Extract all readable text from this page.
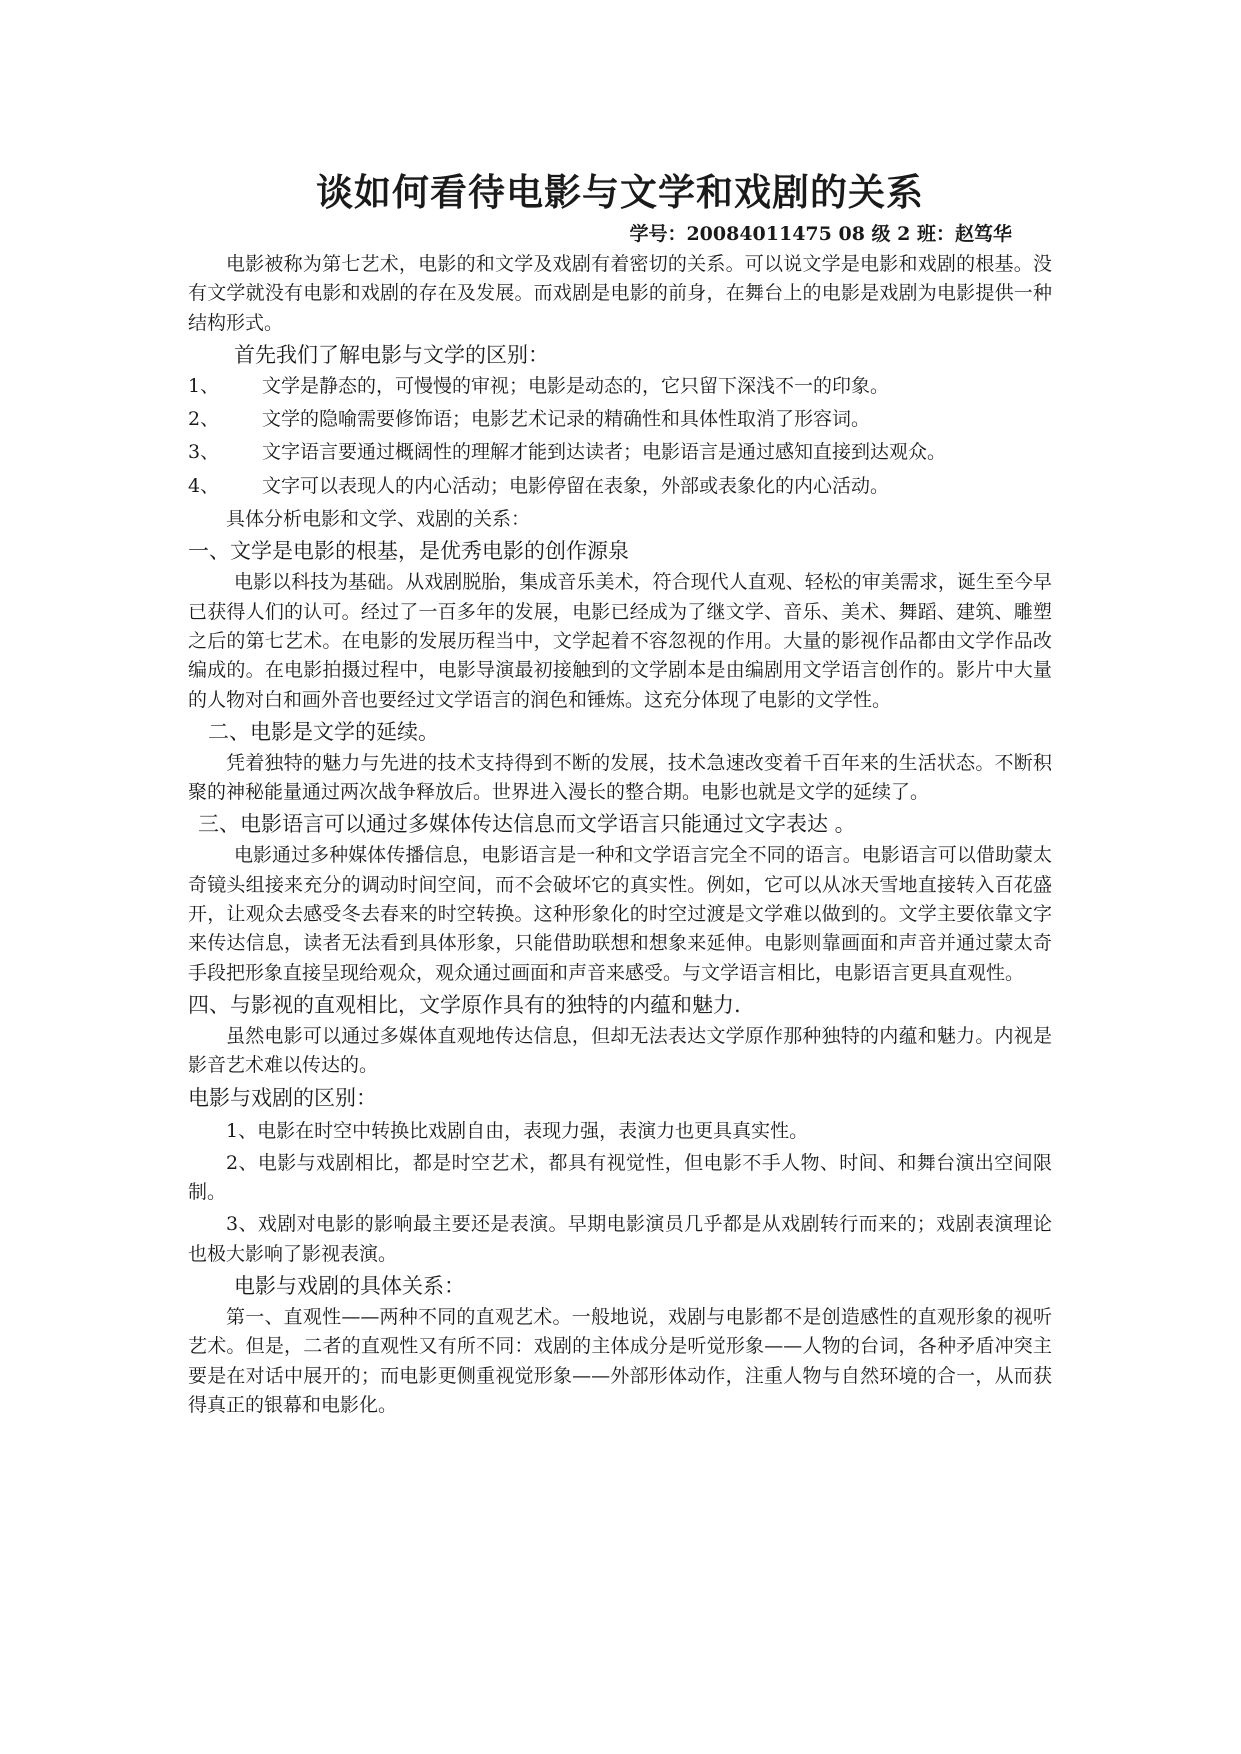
谈如何看待电影与文学和戏剧的关系
学号：20084011475 08 级 2 班：赵笃华

电影被称为第七艺术，电影的和文学及戏剧有着密切的关系。可以说文学是电影和戏剧的根基。没有文学就没有电影和戏剧的存在及发展。而戏剧是电影的前身，在舞台上的电影是戏剧为电影提供一种结构形式。

首先我们了解电影与文学的区别：
1、	文学是静态的，可慢慢的审视；电影是动态的，它只留下深浅不一的印象。
2、	文学的隐喻需要修饰语；电影艺术记录的精确性和具体性取消了形容词。
3、	文字语言要通过概阔性的理解才能到达读者；电影语言是通过感知直接到达观众。
4、	文字可以表现人的内心活动；电影停留在表象，外部或表象化的内心活动。

具体分析电影和文学、戏剧的关系：

一、文学是电影的根基，是优秀电影的创作源泉

电影以科技为基础。从戏剧脱胎，集成音乐美术，符合现代人直观、轻松的审美需求，诞生至今早已获得人们的认可。经过了一百多年的发展，电影已经成为了继文学、音乐、美术、舞蹈、建筑、雕塑之后的第七艺术。在电影的发展历程当中，文学起着不容忽视的作用。大量的影视作品都由文学作品改编成的。在电影拍摄过程中，电影导演最初接触到的文学剧本是由编剧用文学语言创作的。影片中大量的人物对白和画外音也要经过文学语言的润色和锤炼。这充分体现了电影的文学性。

二、电影是文学的延续。

凭着独特的魅力与先进的技术支持得到不断的发展，技术急速改变着千百年来的生活状态。不断积聚的神秘能量通过两次战争释放后。世界进入漫长的整合期。电影也就是文学的延续了。

三、电影语言可以通过多媒体传达信息而文学语言只能通过文字表达 。

电影通过多种媒体传播信息，电影语言是一种和文学语言完全不同的语言。电影语言可以借助蒙太奇镜头组接来充分的调动时间空间，而不会破坏它的真实性。例如，它可以从冰天雪地直接转入百花盛开，让观众去感受冬去春来的时空转换。这种形象化的时空过渡是文学难以做到的。文学主要依靠文字来传达信息，读者无法看到具体形象，只能借助联想和想象来延伸。电影则靠画面和声音并通过蒙太奇手段把形象直接呈现给观众，观众通过画面和声音来感受。与文学语言相比，电影语言更具直观性。

四、与影视的直观相比，文学原作具有的独特的内蕴和魅力.

虽然电影可以通过多媒体直观地传达信息，但却无法表达文学原作那种独特的内蕴和魅力。内视是影音艺术难以传达的。

电影与戏剧的区别：

1、电影在时空中转换比戏剧自由，表现力强，表演力也更具真实性。

2、电影与戏剧相比，都是时空艺术，都具有视觉性，但电影不手人物、时间、和舞台演出空间限制。

3、戏剧对电影的影响最主要还是表演。早期电影演员几乎都是从戏剧转行而来的；戏剧表演理论也极大影响了影视表演。

电影与戏剧的具体关系：

第一、直观性——两种不同的直观艺术。一般地说，戏剧与电影都不是创造感性的直观形象的视听艺术。但是，二者的直观性又有所不同：戏剧的主体成分是听觉形象——人物的台词，各种矛盾冲突主要是在对话中展开的；而电影更侧重视觉形象——外部形体动作，注重人物与自然环境的合一，从而获得真正的银幕和电影化。
